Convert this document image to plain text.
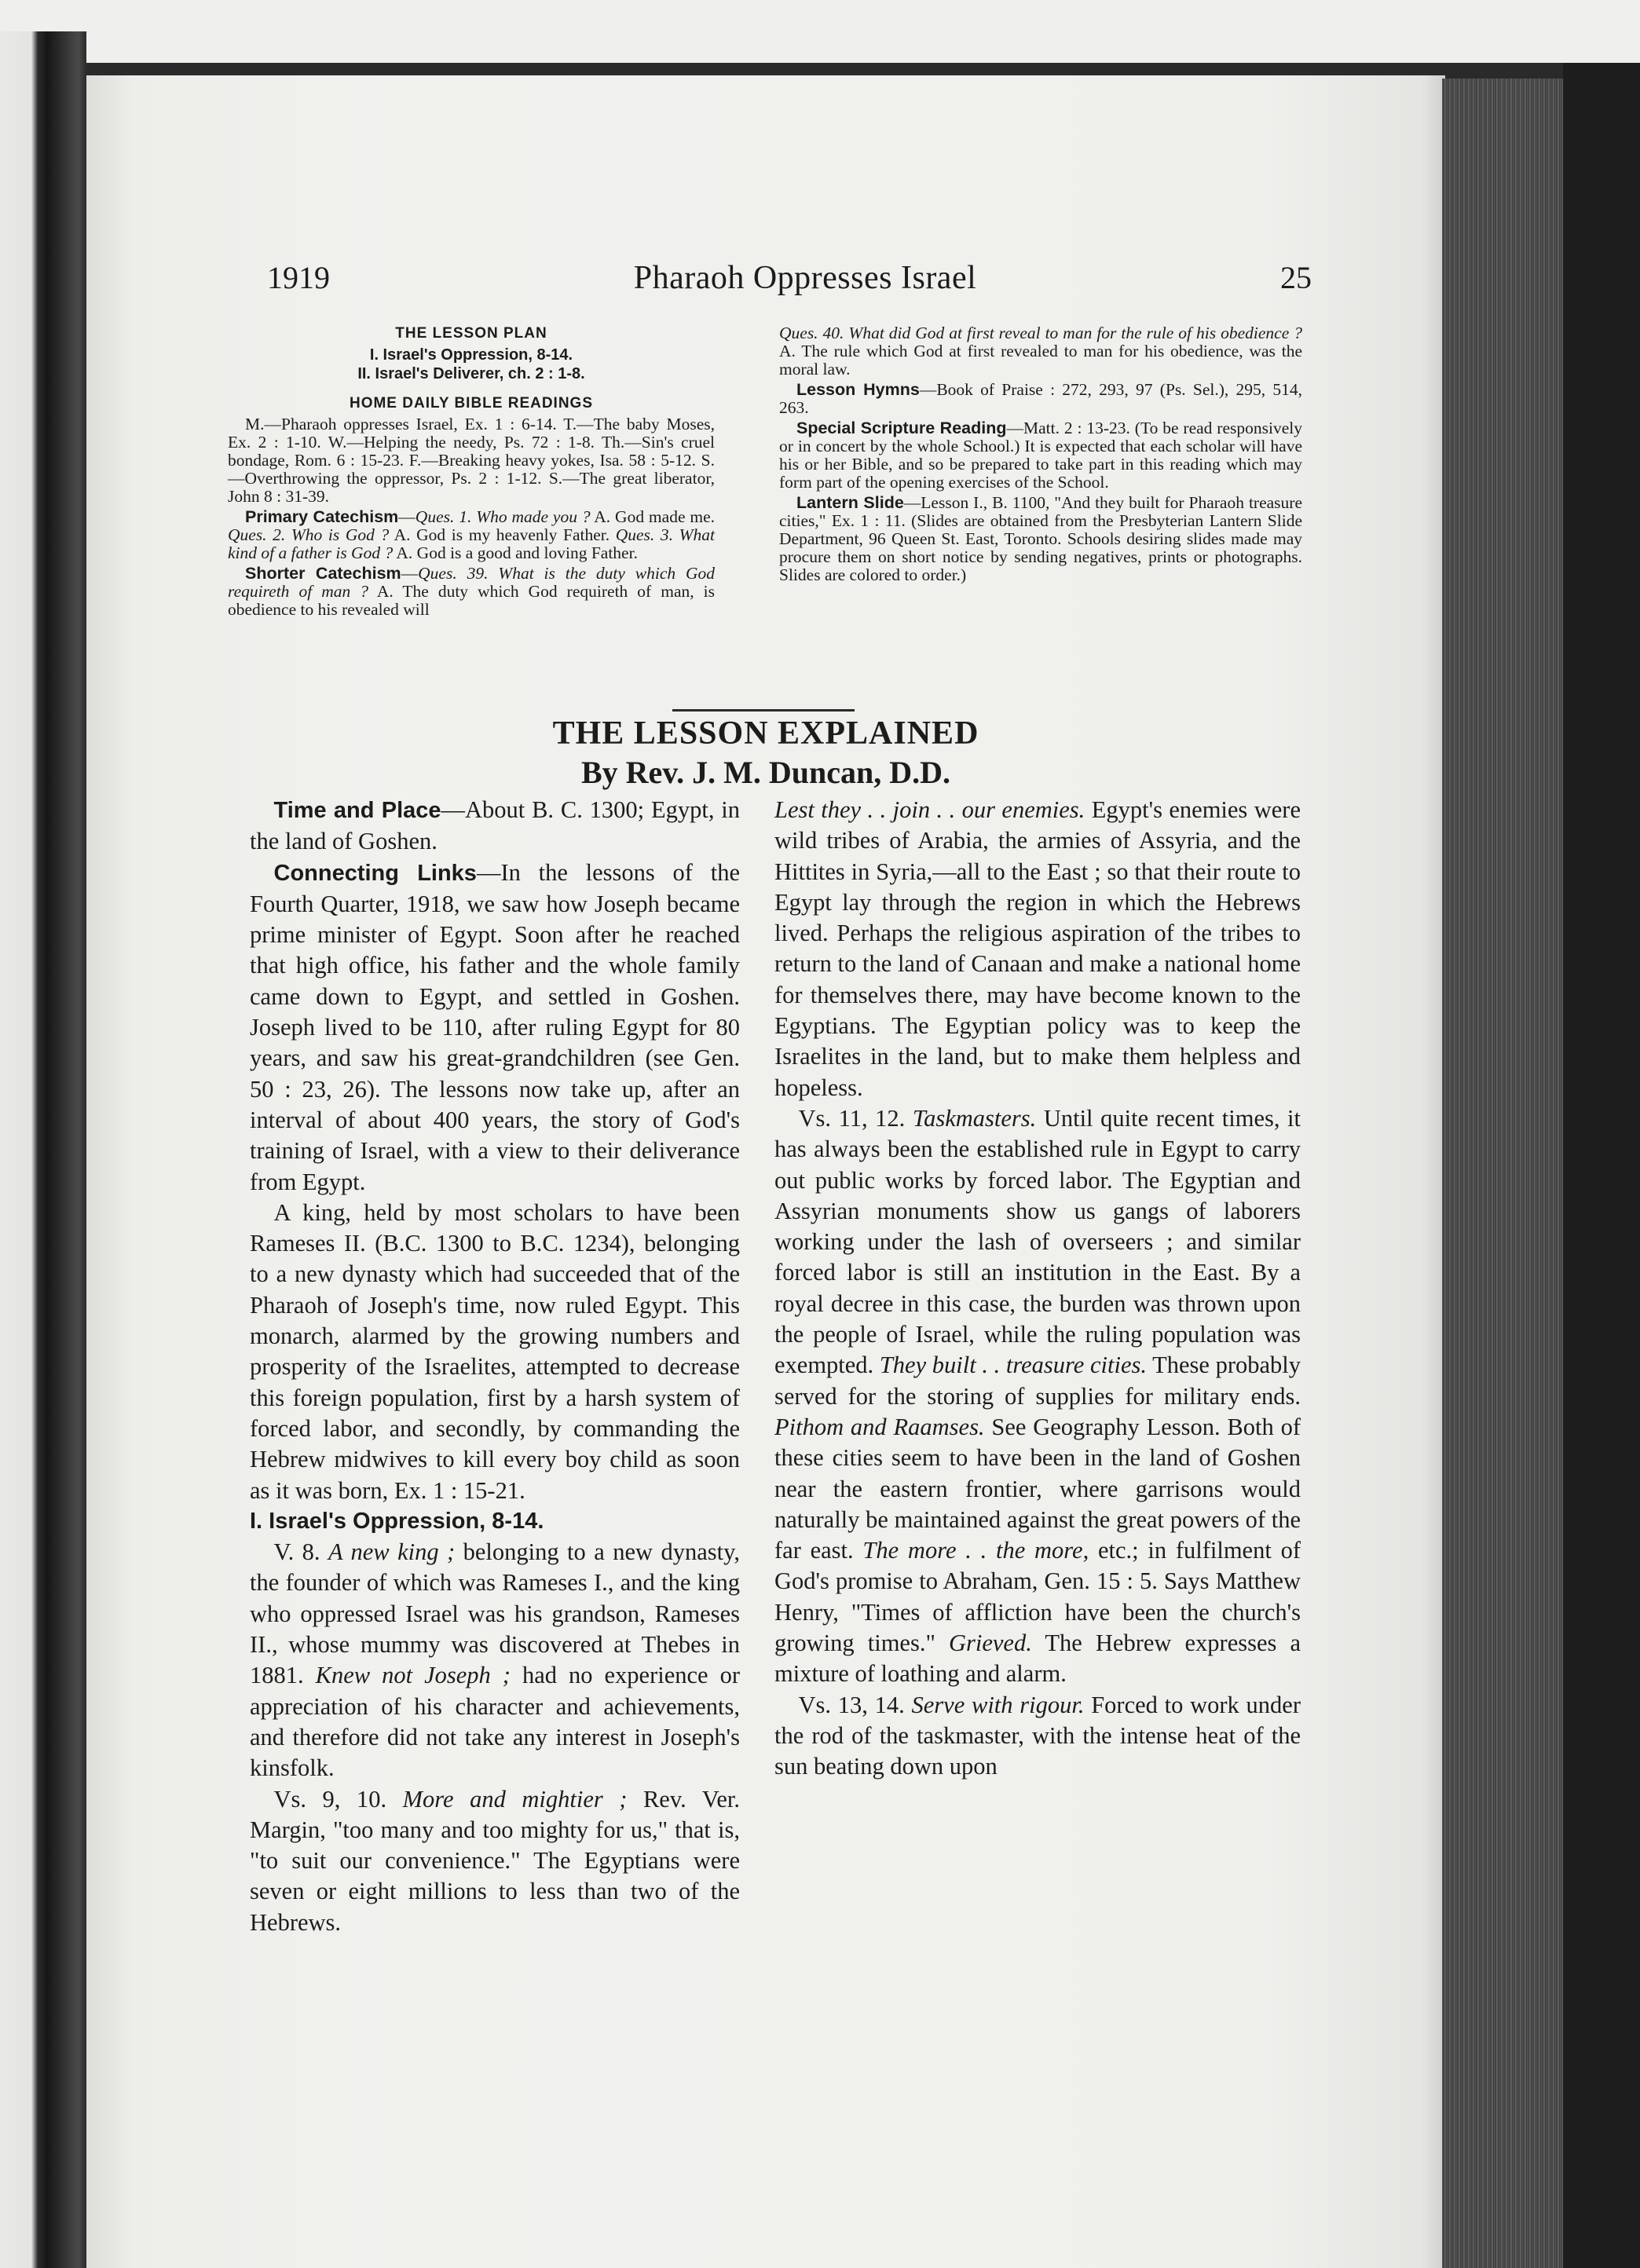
1919	Pharaoh Oppresses Israel	25

THE LESSON PLAN

I. Israel's Oppression, 8-14.

II. Israel's Deliverer, ch. 2 : 1-8.

HOME DAILY BIBLE READINGS

M.—Pharaoh oppresses Israel, Ex. 1 : 6-14. T.—The baby Moses, Ex. 2 : 1-10. W.—Helping the needy, Ps. 72 : 1-8. Th.—Sin's cruel bondage, Rom. 6 : 15-23. F.—Breaking heavy yokes, Isa. 58 : 5-12. S.—Overthrowing the oppressor, Ps. 2 : 1-12. S.—The great liberator, John 8 : 31-39.

Primary Catechism—Ques. 1. Who made you ? A. God made me. Ques. 2. Who is God ? A. God is my heavenly Father. Ques. 3. What kind of a father is God ? A. God is a good and loving Father.

Shorter Catechism—Ques. 39. What is the duty which God requireth of man ? A. The duty which God requireth of man, is obedience to his revealed will

Ques. 40. What did God at first reveal to man for the rule of his obedience ? A. The rule which God at first revealed to man for his obedience, was the moral law.

Lesson Hymns—Book of Praise : 272, 293, 97 (Ps. Sel.), 295, 514, 263.

Special Scripture Reading—Matt. 2 : 13-23. (To be read responsively or in concert by the whole School.) It is expected that each scholar will have his or her Bible, and so be prepared to take part in this reading which may form part of the opening exercises of the School.

Lantern Slide—Lesson I., B. 1100, "And they built for Pharaoh treasure cities," Ex. 1 : 11. (Slides are obtained from the Presbyterian Lantern Slide Department, 96 Queen St. East, Toronto. Schools desiring slides made may procure them on short notice by sending negatives, prints or photographs. Slides are colored to order.)

THE LESSON EXPLAINED

By Rev. J. M. Duncan, D.D.

 Time and Place—About B. C. 1300; Egypt, in the land of Goshen.

 Connecting Links—In the lessons of the Fourth Quarter, 1918, we saw how Joseph became prime minister of Egypt. Soon after he reached that high office, his father and the whole family came down to Egypt, and settled in Goshen. Joseph lived to be 110, after ruling Egypt for 80 years, and saw his great-grandchildren (see Gen. 50 : 23, 26). The lessons now take up, after an interval of about 400 years, the story of God's training of Israel, with a view to their deliverance from Egypt.

 A king, held by most scholars to have been Rameses II. (B.C. 1300 to B.C. 1234), belonging to a new dynasty which had succeeded that of the Pharaoh of Joseph's time, now ruled Egypt. This monarch, alarmed by the growing numbers and prosperity of the Israelites, attempted to decrease this foreign population, first by a harsh system of forced labor, and secondly, by commanding the Hebrew midwives to kill every boy child as soon as it was born, Ex. 1 : 15-21.

I. Israel's Oppression, 8-14.

 V. 8. A new king ; belonging to a new dynasty, the founder of which was Rameses I., and the king who oppressed Israel was his grandson, Rameses II., whose mummy was discovered at Thebes in 1881. Knew not Joseph ; had no experience or appreciation of his character and achievements, and therefore did not take any interest in Joseph's kinsfolk.

 Vs. 9, 10. More and mightier ; Rev. Ver. Margin, "too many and too mighty for us," that is, "to suit our convenience." The Egyptians were seven or eight millions to less than two of the Hebrews.

Lest they . . join . . our enemies. Egypt's enemies were wild tribes of Arabia, the armies of Assyria, and the Hittites in Syria,—all to the East ; so that their route to Egypt lay through the region in which the Hebrews lived. Perhaps the religious aspiration of the tribes to return to the land of Canaan and make a national home for themselves there, may have become known to the Egyptians. The Egyptian policy was to keep the Israelites in the land, but to make them helpless and hopeless.

 Vs. 11, 12. Taskmasters. Until quite recent times, it has always been the established rule in Egypt to carry out public works by forced labor. The Egyptian and Assyrian monuments show us gangs of laborers working under the lash of overseers ; and similar forced labor is still an institution in the East. By a royal decree in this case, the burden was thrown upon the people of Israel, while the ruling population was exempted. They built . . treasure cities. These probably served for the storing of supplies for military ends. Pithom and Raamses. See Geography Lesson. Both of these cities seem to have been in the land of Goshen near the eastern frontier, where garrisons would naturally be maintained against the great powers of the far east. The more . . the more, etc.; in fulfilment of God's promise to Abraham, Gen. 15 : 5. Says Matthew Henry, "Times of affliction have been the church's growing times." Grieved. The Hebrew expresses a mixture of loathing and alarm.

 Vs. 13, 14. Serve with rigour. Forced to work under the rod of the taskmaster, with the intense heat of the sun beating down upon
